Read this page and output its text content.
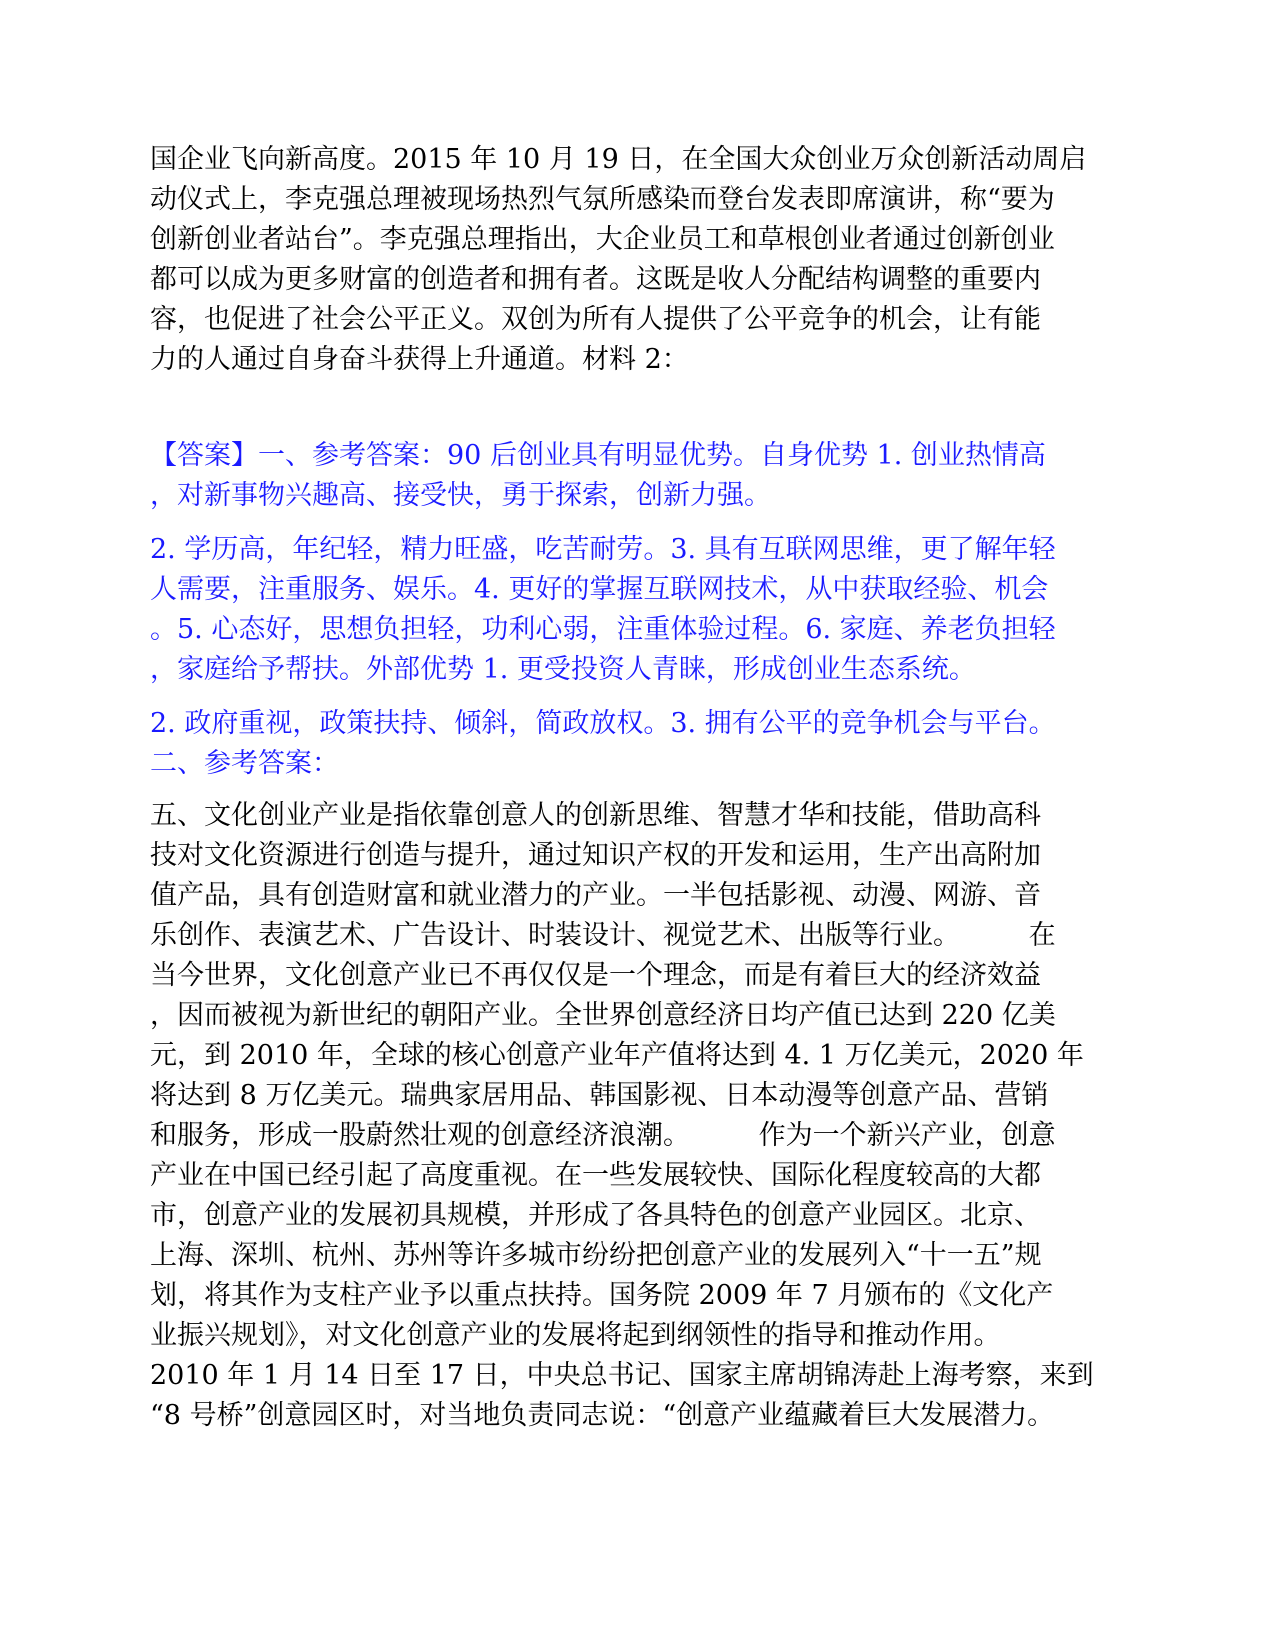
国企业飞向新高度。2015 年 10 月 19 日，在全国大众创业万众创新活动周启
动仪式上，李克强总理被现场热烈气氛所感染而登台发表即席演讲，称“要为
创新创业者站台”。李克强总理指出，大企业员工和草根创业者通过创新创业
都可以成为更多财富的创造者和拥有者。这既是收人分配结构调整的重要内
容，也促进了社会公平正义。双创为所有人提供了公平竞争的机会，让有能
力的人通过自身奋斗获得上升通道。材料 2：
【答案】一、参考答案：90 后创业具有明显优势。自身优势 1. 创业热情高
，对新事物兴趣高、接受快，勇于探索，创新力强。
2. 学历高，年纪轻，精力旺盛，吃苦耐劳。3. 具有互联网思维，更了解年轻
人需要，注重服务、娱乐。4. 更好的掌握互联网技术，从中获取经验、机会
。5. 心态好，思想负担轻，功利心弱，注重体验过程。6. 家庭、养老负担轻
，家庭给予帮扶。外部优势 1. 更受投资人青睐，形成创业生态系统。
2. 政府重视，政策扶持、倾斜，简政放权。3. 拥有公平的竞争机会与平台。
二、参考答案：
五、文化创业产业是指依靠创意人的创新思维、智慧才华和技能，借助高科
技对文化资源进行创造与提升，通过知识产权的开发和运用，生产出高附加
值产品，具有创造财富和就业潜力的产业。一半包括影视、动漫、网游、音
乐创作、表演艺术、广告设计、时装设计、视觉艺术、出版等行业。        在
当今世界，文化创意产业已不再仅仅是一个理念，而是有着巨大的经济效益
，因而被视为新世纪的朝阳产业。全世界创意经济日均产值已达到 220 亿美
元，到 2010 年，全球的核心创意产业年产值将达到 4. 1 万亿美元，2020 年
将达到 8 万亿美元。瑞典家居用品、韩国影视、日本动漫等创意产品、营销
和服务，形成一股蔚然壮观的创意经济浪潮。        作为一个新兴产业，创意
产业在中国已经引起了高度重视。在一些发展较快、国际化程度较高的大都
市，创意产业的发展初具规模，并形成了各具特色的创意产业园区。北京、
上海、深圳、杭州、苏州等许多城市纷纷把创意产业的发展列入“十一五”规
划，将其作为支柱产业予以重点扶持。国务院 2009 年 7 月颁布的《文化产
业振兴规划》，对文化创意产业的发展将起到纲领性的指导和推动作用。
2010 年 1 月 14 日至 17 日，中央总书记、国家主席胡锦涛赴上海考察，来到
“8 号桥”创意园区时，对当地负责同志说：“创意产业蕴藏着巨大发展潜力。
